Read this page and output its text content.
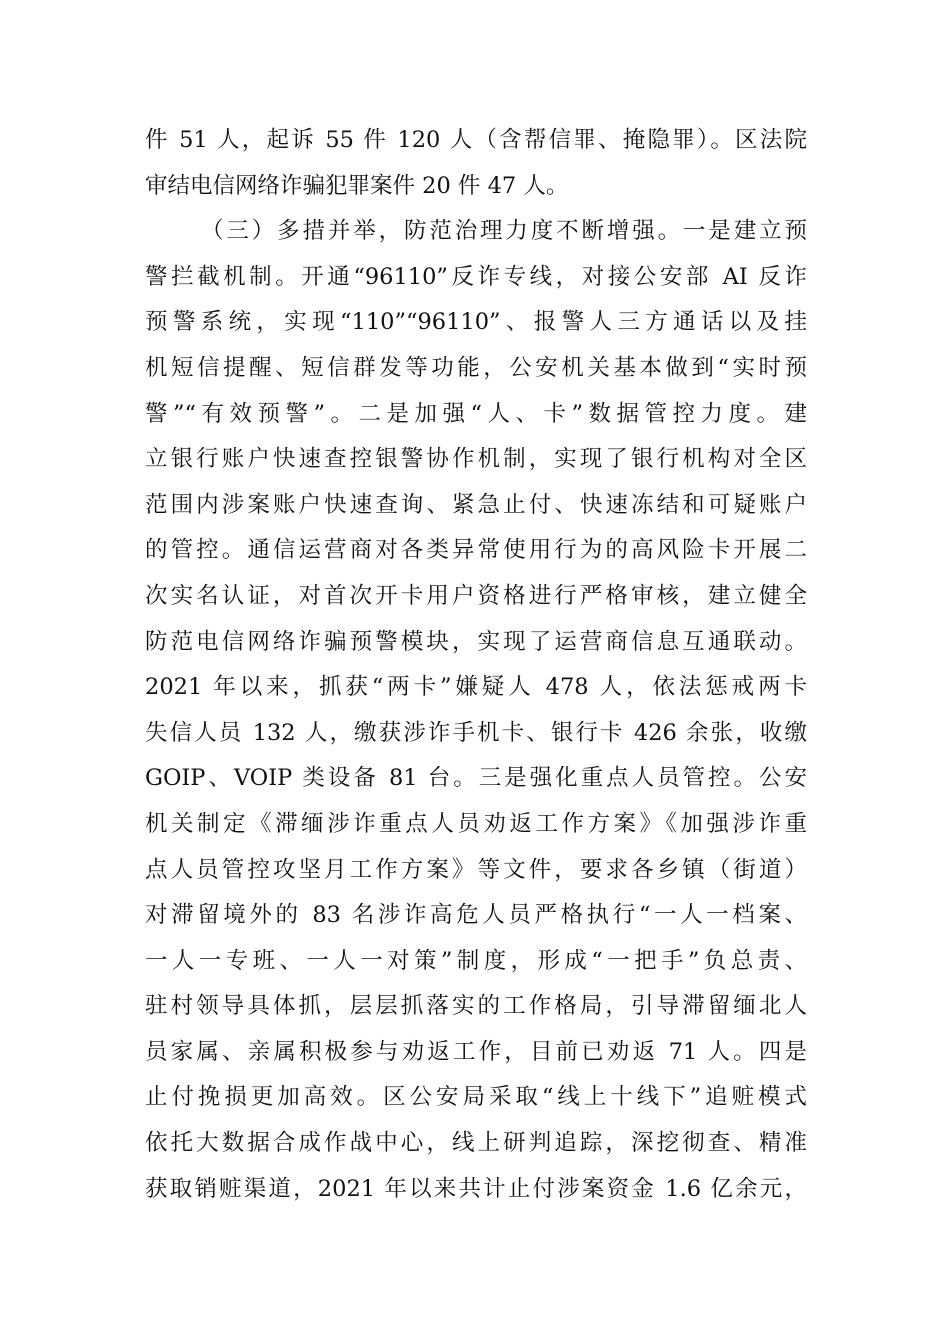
件 51 人，起诉 55 件 120 人（含帮信罪、掩隐罪）。区法院
审结电信网络诈骗犯罪案件 20 件 47 人。
（三）多措并举，防范治理力度不断增强。一是建立预
警拦截机制。开通“96110”反诈专线，对接公安部 AI 反诈
预警系统，实现“110”“96110”、报警人三方通话以及挂
机短信提醒、短信群发等功能，公安机关基本做到“实时预
警”“有效预警”。二是加强“人、卡”数据管控力度。建
立银行账户快速查控银警协作机制，实现了银行机构对全区
范围内涉案账户快速查询、紧急止付、快速冻结和可疑账户
的管控。通信运营商对各类异常使用行为的高风险卡开展二
次实名认证，对首次开卡用户资格进行严格审核，建立健全
防范电信网络诈骗预警模块，实现了运营商信息互通联动。
2021 年以来，抓获“两卡”嫌疑人 478 人，依法惩戒两卡
失信人员 132 人，缴获涉诈手机卡、银行卡 426 余张，收缴
GOIP、VOIP 类设备 81 台。三是强化重点人员管控。公安
机关制定《滞缅涉诈重点人员劝返工作方案》《加强涉诈重
点人员管控攻坚月工作方案》等文件，要求各乡镇（街道）
对滞留境外的 83 名涉诈高危人员严格执行“一人一档案、
一人一专班、一人一对策”制度，形成“一把手”负总责、
驻村领导具体抓，层层抓落实的工作格局，引导滞留缅北人
员家属、亲属积极参与劝返工作，目前已劝返 71 人。四是
止付挽损更加高效。区公安局采取“线上十线下”追赃模式
依托大数据合成作战中心，线上研判追踪，深挖彻查、精准
获取销赃渠道，2021 年以来共计止付涉案资金 1.6 亿余元，
